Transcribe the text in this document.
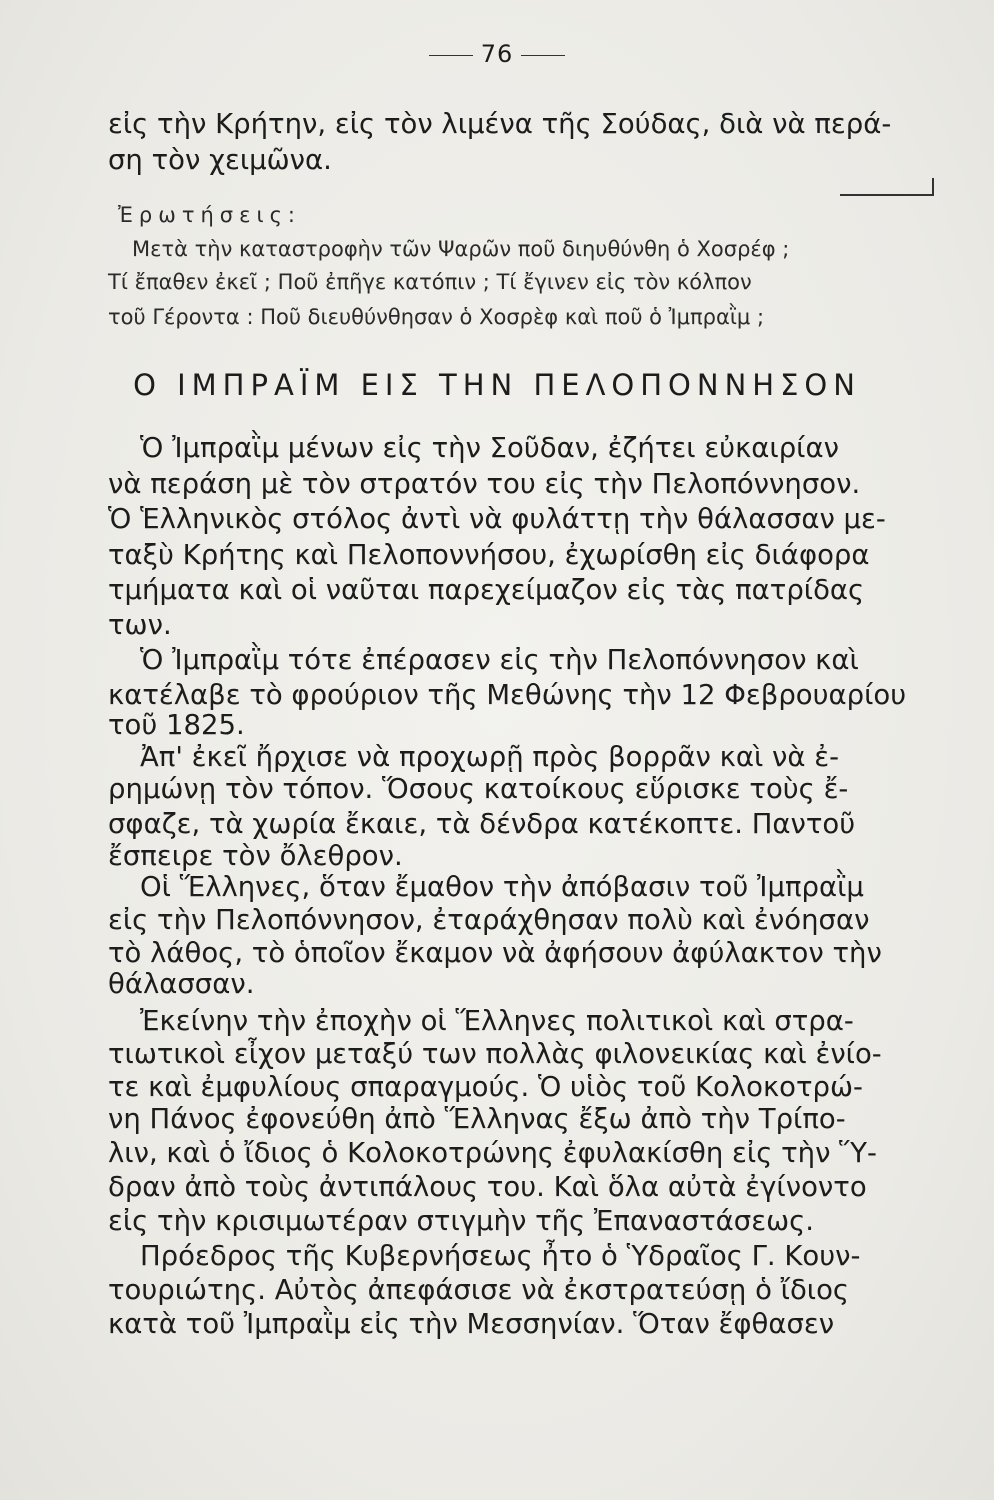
76
εἰς τὴν Κρήτην, εἰς τὸν λιμένα τῆς Σούδας, διὰ νὰ περά-
ση τὸν χειμῶνα.
Ἐρωτήσεις:
Μετὰ τὴν καταστροφὴν τῶν Ψαρῶν ποῦ διηυθύνθη ὁ Χοσρέφ ;
Τί ἔπαθεν ἐκεῖ ; Ποῦ ἐπῆγε κατόπιν ; Τί ἔγινεν εἰς τὸν κόλπον
τοῦ Γέροντα : Ποῦ διευθύνθησαν ὁ Χοσρὲφ καὶ ποῦ ὁ Ἰμπραῒμ ;
Ο ΙΜΠΡΑΪΜ ΕΙΣ ΤΗΝ ΠΕΛΟΠΟΝΝΗΣΟΝ
Ὁ Ἰμπραῒμ μένων εἰς τὴν Σοῦδαν, ἐζήτει εὐκαιρίαν
νὰ περάση μὲ τὸν στρατόν του εἰς τὴν Πελοπόννησον.
Ὁ Ἑλληνικὸς στόλος ἀντὶ νὰ φυλάττῃ τὴν θάλασσαν με-
ταξὺ Κρήτης καὶ Πελοποννήσου, ἐχωρίσθη εἰς διάφορα
τμήματα καὶ οἱ ναῦται παρεχείμαζον εἰς τὰς πατρίδας
των.
Ὁ Ἰμπραῒμ τότε ἐπέρασεν εἰς τὴν Πελοπόννησον καὶ
κατέλαβε τὸ φρούριον τῆς Μεθώνης τὴν 12 Φεβρουαρίου
τοῦ 1825.
Ἀπ' ἐκεῖ ἤρχισε νὰ προχωρῇ πρὸς βορρᾶν καὶ νὰ ἐ-
ρημώνῃ τὸν τόπον. Ὅσους κατοίκους εὕρισκε τοὺς ἔ-
σφαζε, τὰ χωρία ἔκαιε, τὰ δένδρα κατέκοπτε. Παντοῦ
ἔσπειρε τὸν ὄλεθρον.
Οἱ Ἕλληνες, ὅταν ἔμαθον τὴν ἀπόβασιν τοῦ Ἰμπραῒμ
εἰς τὴν Πελοπόννησον, ἐταράχθησαν πολὺ καὶ ἐνόησαν
τὸ λάθος, τὸ ὁποῖον ἔκαμον νὰ ἀφήσουν ἀφύλακτον τὴν
θάλασσαν.
Ἐκείνην τὴν ἐποχὴν οἱ Ἕλληνες πολιτικοὶ καὶ στρα-
τιωτικοὶ εἶχον μεταξύ των πολλὰς φιλονεικίας καὶ ἐνίο-
τε καὶ ἐμφυλίους σπαραγμούς. Ὁ υἱὸς τοῦ Κολοκοτρώ-
νη Πάνος ἐφονεύθη ἀπὸ Ἕλληνας ἔξω ἀπὸ τὴν Τρίπο-
λιν, καὶ ὁ ἴδιος ὁ Κολοκοτρώνης ἐφυλακίσθη εἰς τὴν Ὕ-
δραν ἀπὸ τοὺς ἀντιπάλους του. Καὶ ὅλα αὐτὰ ἐγίνοντο
εἰς τὴν κρισιμωτέραν στιγμὴν τῆς Ἐπαναστάσεως.
Πρόεδρος τῆς Κυβερνήσεως ἦτο ὁ Ὑδραῖος Γ. Κουν-
τουριώτης. Αὐτὸς ἀπεφάσισε νὰ ἐκστρατεύσῃ ὁ ἴδιος
κατὰ τοῦ Ἰμπραῒμ εἰς τὴν Μεσσηνίαν. Ὅταν ἔφθασεν
